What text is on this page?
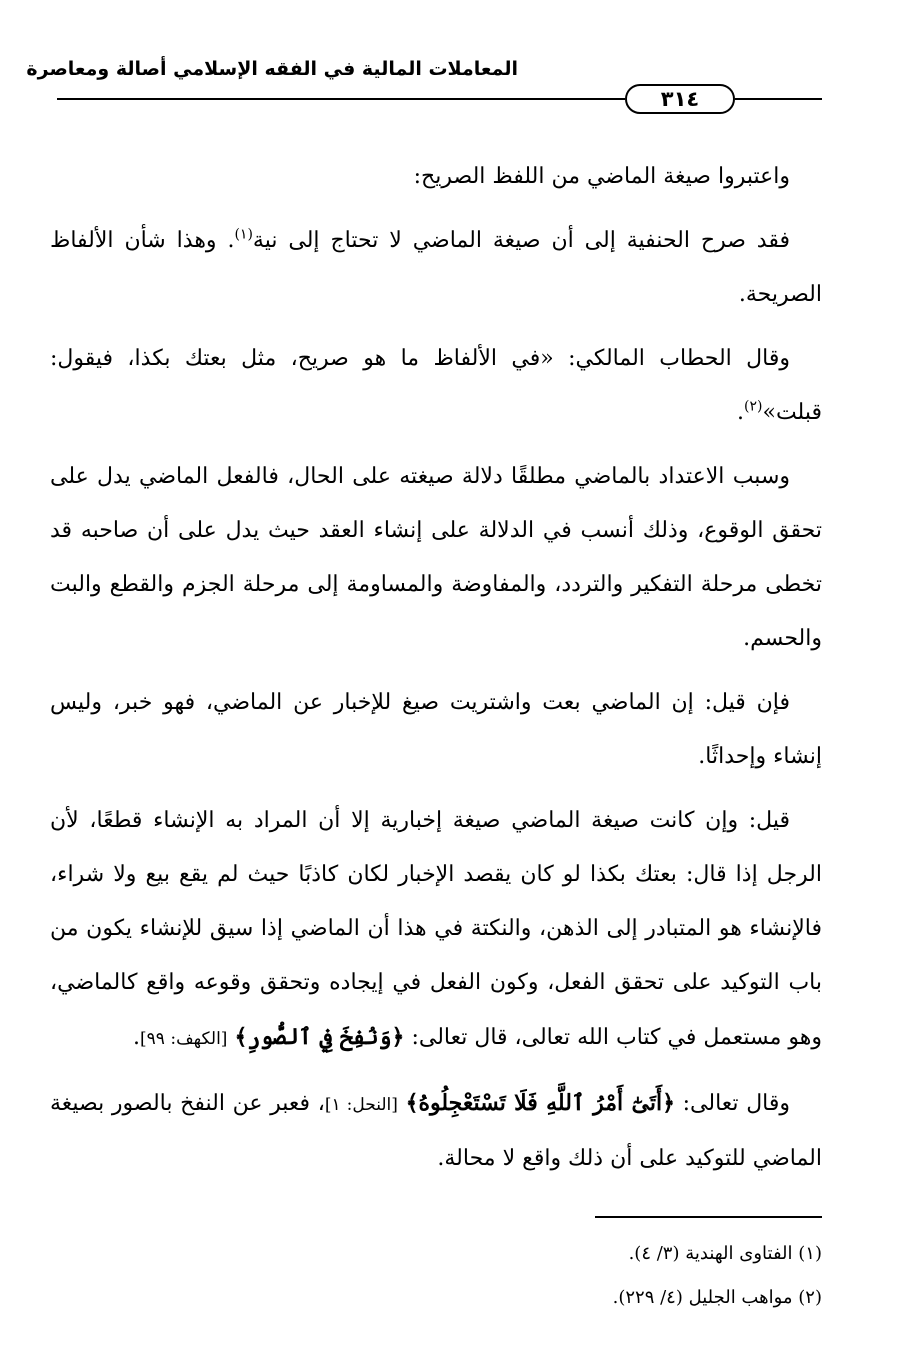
المعاملات المالية في الفقه الإسلامي أصالة ومعاصرة
٣١٤

واعتبروا صيغة الماضي من اللفظ الصريح:

فقد صرح الحنفية إلى أن صيغة الماضي لا تحتاج إلى نية$^{(١)}$. وهذا شأن الألفاظ الصريحة.

وقال الحطاب المالكي: «في الألفاظ ما هو صريح، مثل بعتك بكذا، فيقول: قبلت»$^{(٢)}$.

وسبب الاعتداد بالماضي مطلقًا دلالة صيغته على الحال، فالفعل الماضي يدل على تحقق الوقوع، وذلك أنسب في الدلالة على إنشاء العقد حيث يدل على أن صاحبه قد تخطى مرحلة التفكير والتردد، والمفاوضة والمساومة إلى مرحلة الجزم والقطع والبت والحسم.

فإن قيل: إن الماضي بعت واشتريت صيغ للإخبار عن الماضي، فهو خبر، وليس إنشاء وإحداثًا.

قيل: وإن كانت صيغة الماضي صيغة إخبارية إلا أن المراد به الإنشاء قطعًا، لأن الرجل إذا قال: بعتك بكذا لو كان يقصد الإخبار لكان كاذبًا حيث لم يقع بيع ولا شراء، فالإنشاء هو المتبادر إلى الذهن، والنكتة في هذا أن الماضي إذا سيق للإنشاء يكون من باب التوكيد على تحقق الفعل، وكون الفعل في إيجاده وتحقق وقوعه واقع كالماضي، وهو مستعمل في كتاب الله تعالى، قال تعالى: ﴿وَنُفِخَ فِي ٱلصُّورِ﴾ [الكهف: ٩٩].

وقال تعالى: ﴿أَتَىٰٓ أَمْرُ ٱللَّهِ فَلَا تَسْتَعْجِلُوهُ﴾ [النحل: ١]، فعبر عن النفخ بالصور بصيغة الماضي للتوكيد على أن ذلك واقع لا محالة.

(١) الفتاوى الهندية (٣/ ٤).
(٢) مواهب الجليل (٤/ ٢٢٩).
